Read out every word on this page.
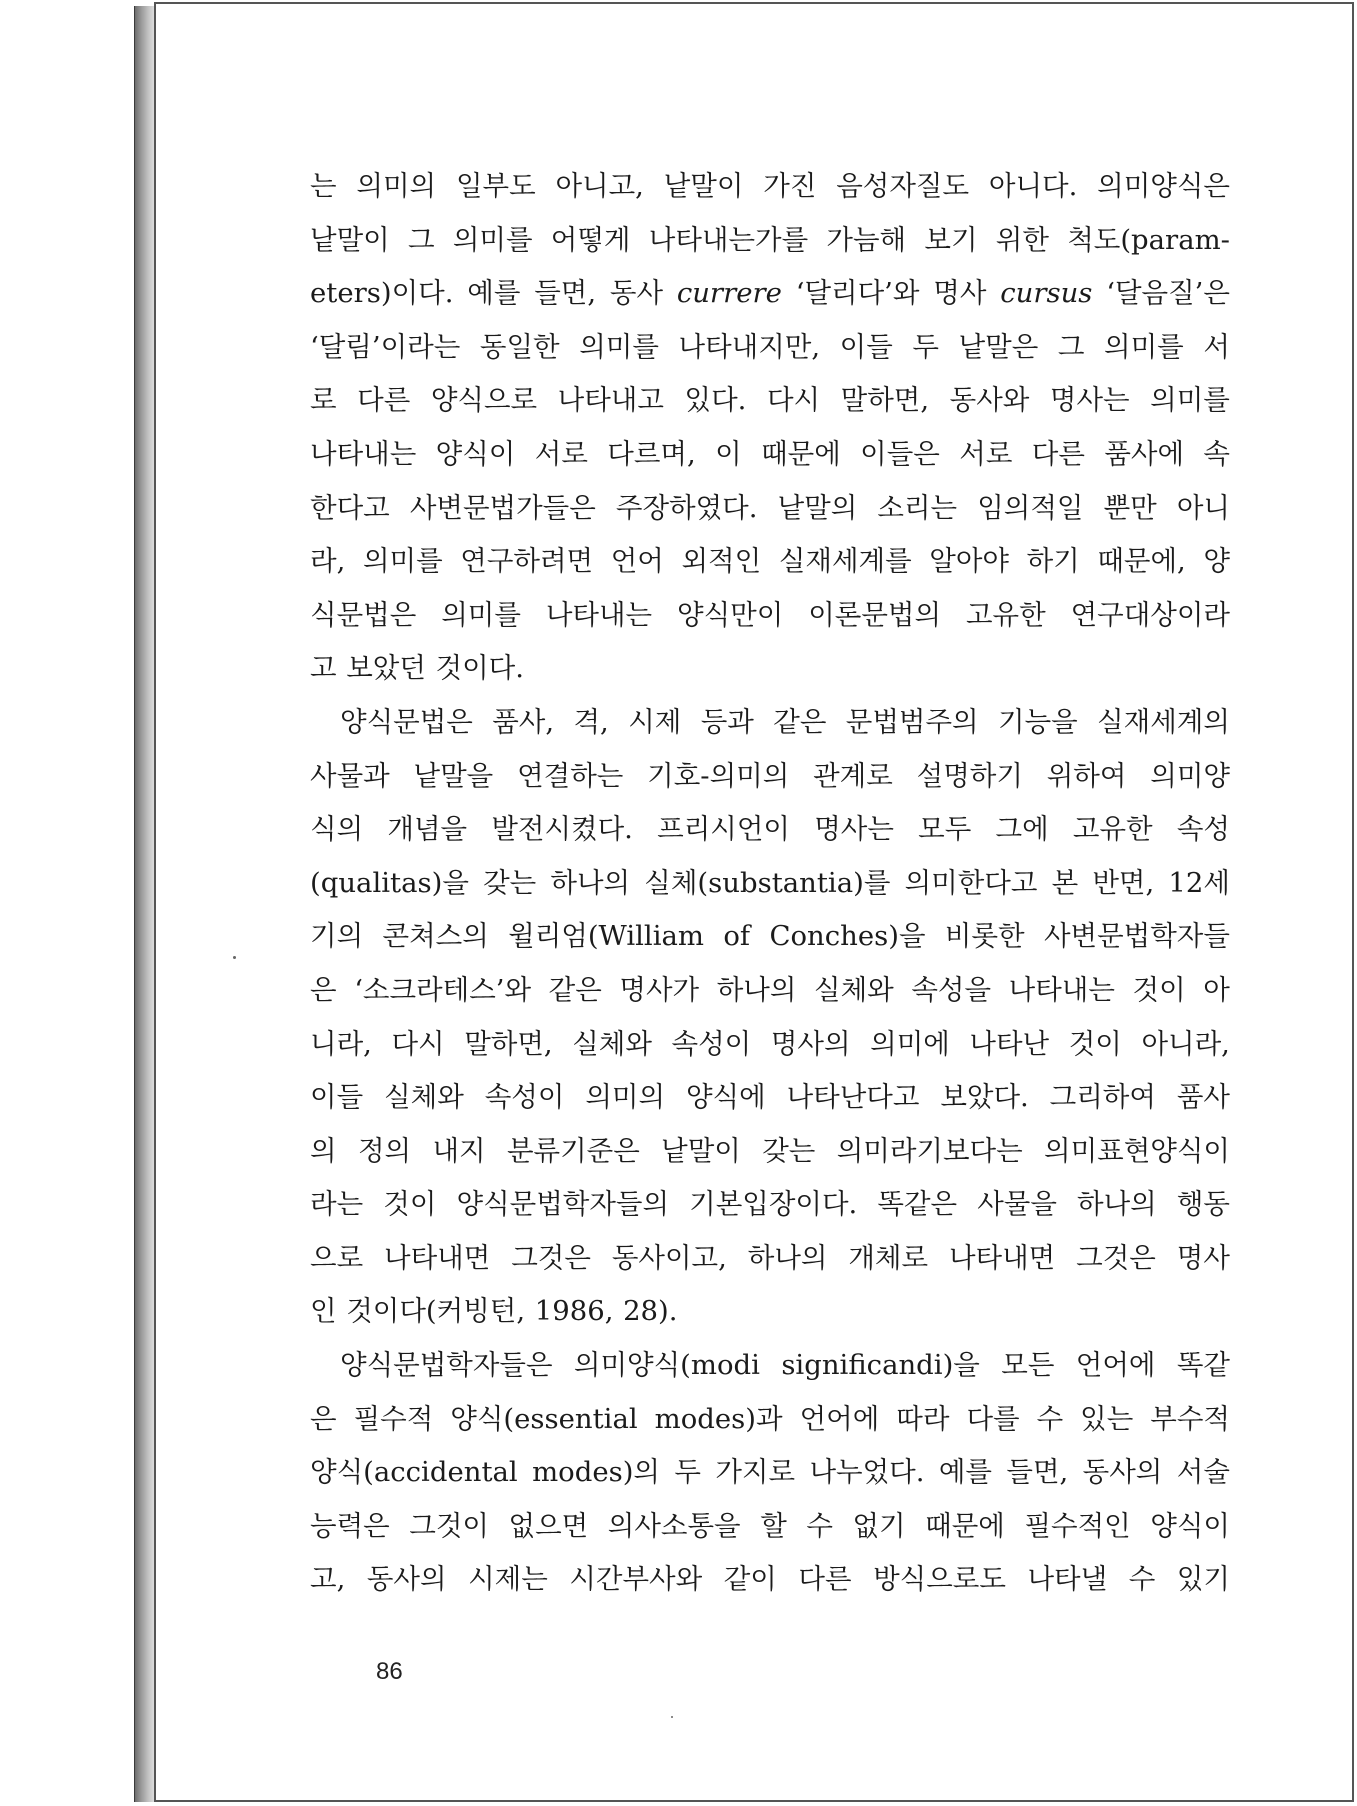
는 의미의 일부도 아니고, 낱말이 가진 음성자질도 아니다. 의미양식은
낱말이 그 의미를 어떻게 나타내는가를 가늠해 보기 위한 척도(param-
eters)이다. 예를 들면, 동사 currere ‘달리다’와 명사 cursus ‘달음질’은
‘달림’이라는 동일한 의미를 나타내지만, 이들 두 낱말은 그 의미를 서
로 다른 양식으로 나타내고 있다. 다시 말하면, 동사와 명사는 의미를
나타내는 양식이 서로 다르며, 이 때문에 이들은 서로 다른 품사에 속
한다고 사변문법가들은 주장하였다. 낱말의 소리는 임의적일 뿐만 아니
라, 의미를 연구하려면 언어 외적인 실재세계를 알아야 하기 때문에, 양
식문법은 의미를 나타내는 양식만이 이론문법의 고유한 연구대상이라
고 보았던 것이다.
양식문법은 품사, 격, 시제 등과 같은 문법범주의 기능을 실재세계의
사물과 낱말을 연결하는 기호-의미의 관계로 설명하기 위하여 의미양
식의 개념을 발전시켰다. 프리시언이 명사는 모두 그에 고유한 속성
(qualitas)을 갖는 하나의 실체(substantia)를 의미한다고 본 반면, 12세
기의 콘쳐스의 윌리엄(William of Conches)을 비롯한 사변문법학자들
은 ‘소크라테스’와 같은 명사가 하나의 실체와 속성을 나타내는 것이 아
니라, 다시 말하면, 실체와 속성이 명사의 의미에 나타난 것이 아니라,
이들 실체와 속성이 의미의 양식에 나타난다고 보았다. 그리하여 품사
의 정의 내지 분류기준은 낱말이 갖는 의미라기보다는 의미표현양식이
라는 것이 양식문법학자들의 기본입장이다. 똑같은 사물을 하나의 행동
으로 나타내면 그것은 동사이고, 하나의 개체로 나타내면 그것은 명사
인 것이다(커빙턴, 1986, 28).
양식문법학자들은 의미양식(modi significandi)을 모든 언어에 똑같
은 필수적 양식(essential modes)과 언어에 따라 다를 수 있는 부수적
양식(accidental modes)의 두 가지로 나누었다. 예를 들면, 동사의 서술
능력은 그것이 없으면 의사소통을 할 수 없기 때문에 필수적인 양식이
고, 동사의 시제는 시간부사와 같이 다른 방식으로도 나타낼 수 있기
86
